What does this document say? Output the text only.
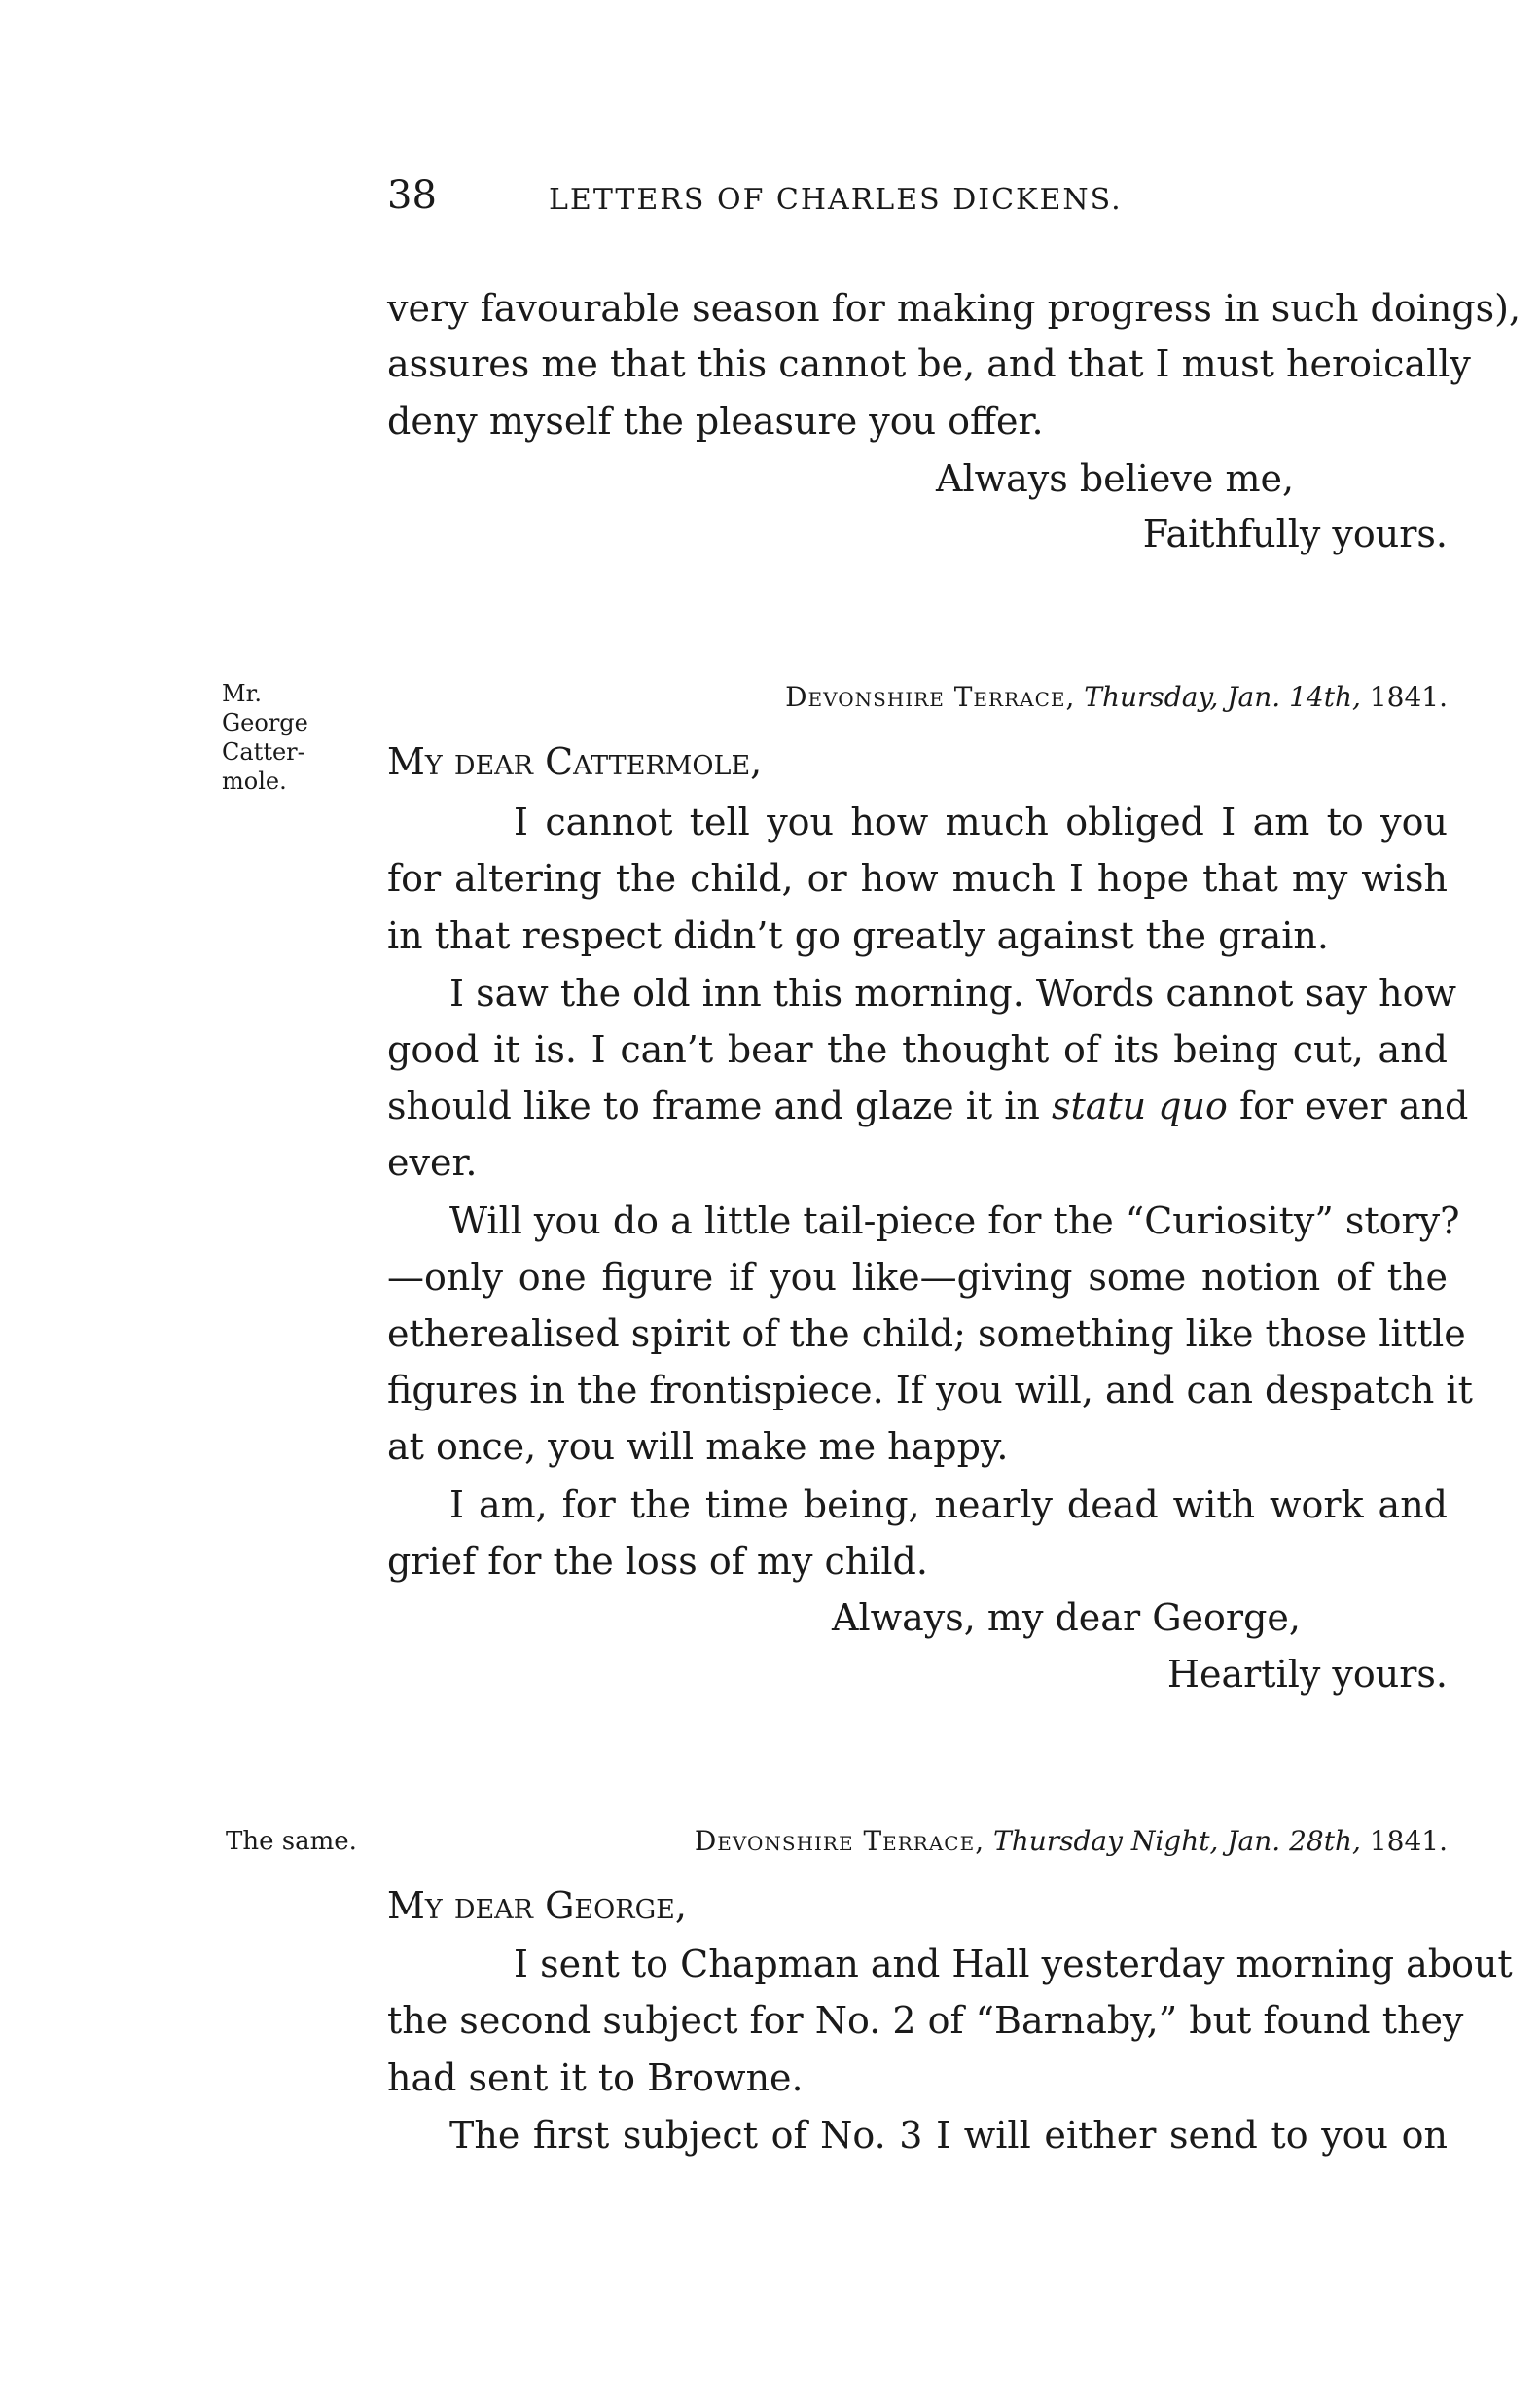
38	LETTERS OF CHARLES DICKENS.
very favourable season for making progress in such doings),
assures me that this cannot be, and that I must heroically
deny myself the pleasure you offer.
Always believe me,
Faithfully yours.
Mr.
George
Catter-
mole.
Devonshire Terrace, Thursday, Jan. 14th, 1841.
My dear Cattermole,
I cannot tell you how much obliged I am to you
for altering the child, or how much I hope that my wish
in that respect didn’t go greatly against the grain.
I saw the old inn this morning. Words cannot say how
good it is. I can’t bear the thought of its being cut, and
should like to frame and glaze it in statu quo for ever and
ever.
Will you do a little tail-piece for the “Curiosity” story?
—only one figure if you like—giving some notion of the
etherealised spirit of the child; something like those little
figures in the frontispiece. If you will, and can despatch it
at once, you will make me happy.
I am, for the time being, nearly dead with work and
grief for the loss of my child.
Always, my dear George,
Heartily yours.
The same.	Devonshire Terrace, Thursday Night, Jan. 28th, 1841.
My dear George,
I sent to Chapman and Hall yesterday morning about
the second subject for No. 2 of “Barnaby,” but found they
had sent it to Browne.
The first subject of No. 3 I will either send to you on
